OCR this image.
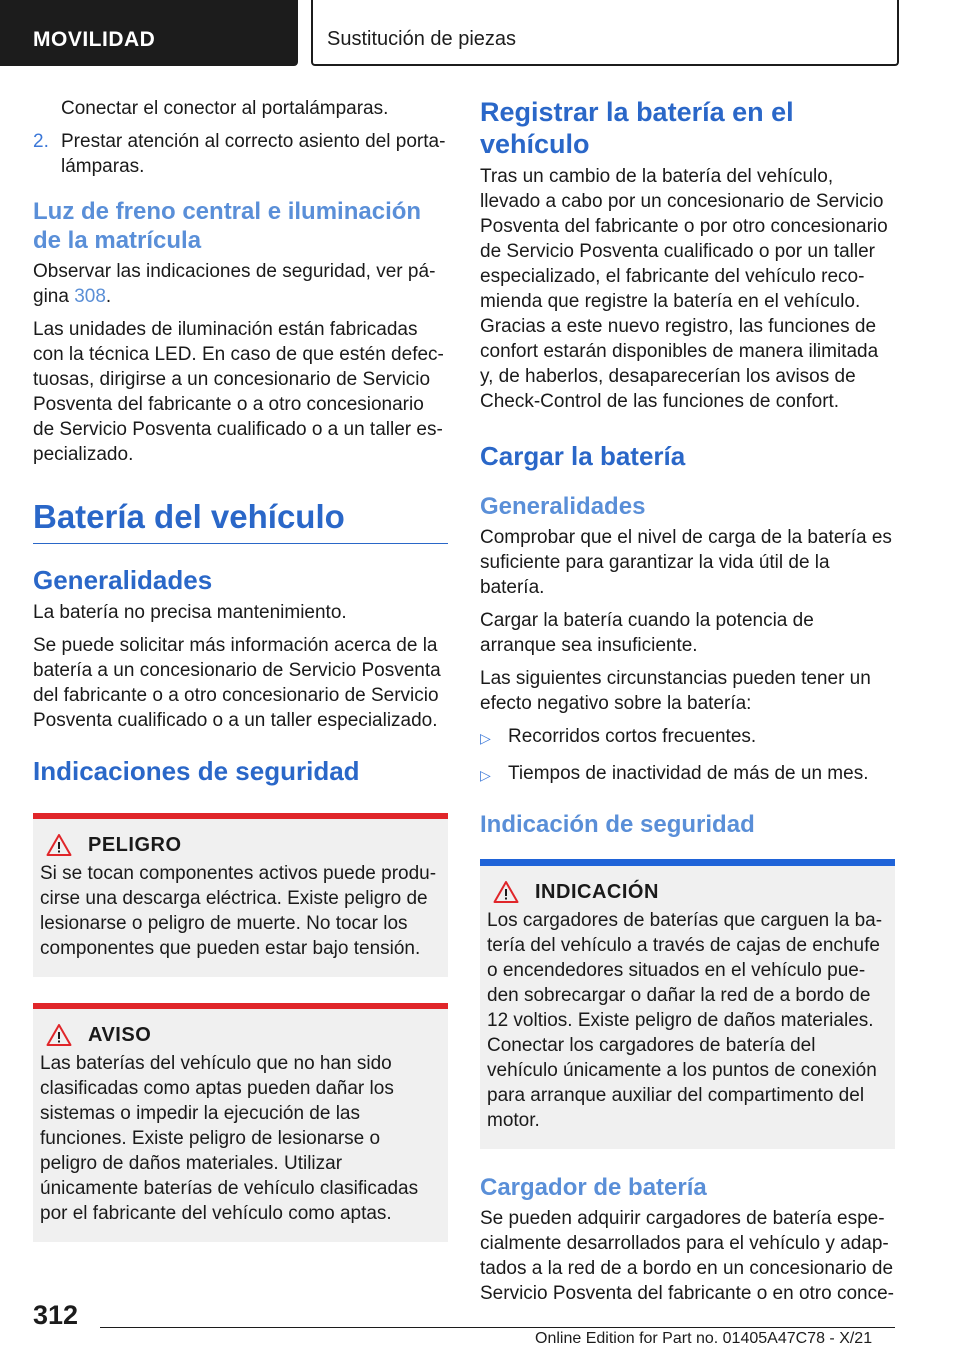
MOVILIDAD	Sustitución de piezas
Conectar el conector al portalámparas.
2. Prestar atención al correcto asiento del portalámparas.
Luz de freno central e iluminación de la matrícula

Observar las indicaciones de seguridad, ver página 308.

Las unidades de iluminación están fabricadas con la técnica LED. En caso de que estén defectuosas, dirigirse a un concesionario de Servicio Posventa del fabricante o a otro concesionario de Servicio Posventa cualificado o a un taller especializado.

Batería del vehículo
Generalidades

La batería no precisa mantenimiento.

Se puede solicitar más información acerca de la batería a un concesionario de Servicio Posventa del fabricante o a otro concesionario de Servicio Posventa cualificado o a un taller especializado.

Indicaciones de seguridad
PELIGRO

Si se tocan componentes activos puede producirse una descarga eléctrica. Existe peligro de lesionarse o peligro de muerte. No tocar los componentes que pueden estar bajo tensión.

AVISO

Las baterías del vehículo que no han sido clasificadas como aptas pueden dañar los sistemas o impedir la ejecución de las funciones. Existe peligro de lesionarse o peligro de daños materiales. Utilizar únicamente baterías de vehículo clasificadas por el fabricante del vehículo como aptas.

Registrar la batería en el vehículo

Tras un cambio de la batería del vehículo, llevado a cabo por un concesionario de Servicio Posventa del fabricante o por otro concesionario de Servicio Posventa cualificado o por un taller especializado, el fabricante del vehículo recomienda que registre la batería en el vehículo. Gracias a este nuevo registro, las funciones de confort estarán disponibles de manera ilimitada y, de haberlos, desaparecerían los avisos de Check-Control de las funciones de confort.

Cargar la batería
Generalidades

Comprobar que el nivel de carga de la batería es suficiente para garantizar la vida útil de la batería.

Cargar la batería cuando la potencia de arranque sea insuficiente.

Las siguientes circunstancias pueden tener un efecto negativo sobre la batería:

▷ Recorridos cortos frecuentes.
▷ Tiempos de inactividad de más de un mes.
Indicación de seguridad
INDICACIÓN

Los cargadores de baterías que carguen la batería del vehículo a través de cajas de enchufe o encendedores situados en el vehículo pueden sobrecargar o dañar la red de a bordo de 12 voltios. Existe peligro de daños materiales. Conectar los cargadores de batería del vehículo únicamente a los puntos de conexión para arranque auxiliar del compartimento del motor.

Cargador de batería

Se pueden adquirir cargadores de batería especialmente desarrollados para el vehículo y adaptados a la red de a bordo en un concesionario de Servicio Posventa del fabricante o en otro conce-

312
Online Edition for Part no. 01405A47C78 - X/21
